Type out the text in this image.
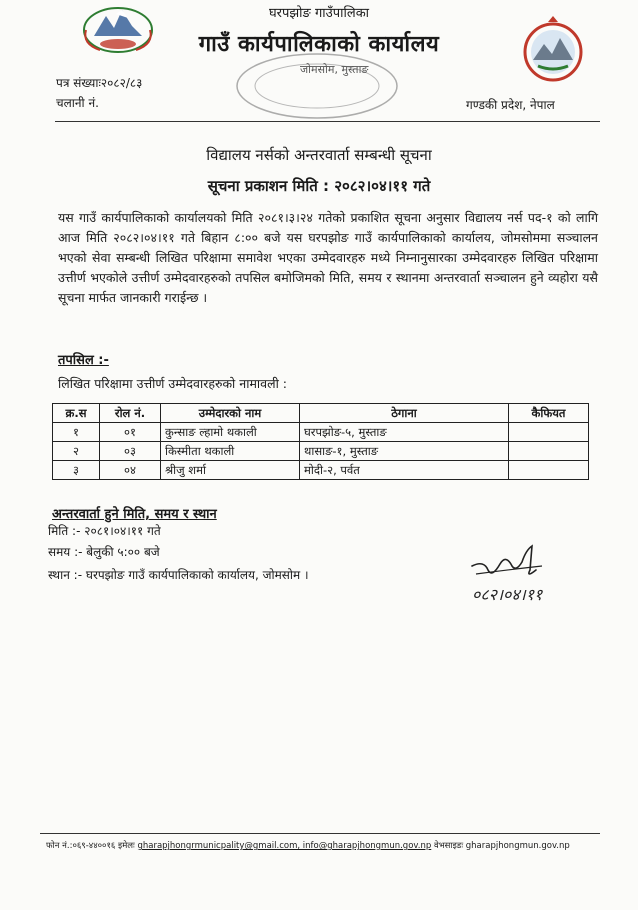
घरपझोङ गाउँपालिका
गाउँ कार्यपालिकाको कार्यालय
जोमसोम, मुस्ताङ
पत्र संख्याः२०८२/८३
चलानी नं.	गण्डकी प्रदेश, नेपाल
विद्यालय नर्सको अन्तरवार्ता सम्बन्धी सूचना
सूचना प्रकाशन मिति : २०८२।०४।११ गते
यस गाउँ कार्यपालिकाको कार्यालयको मिति २०८१।३।२४ गतेको प्रकाशित सूचना अनुसार विद्यालय नर्स पद-१ को लागि आज मिति २०८२।०४।११ गते बिहान ८:०० बजे यस घरपझोङ गाउँ कार्यपालिकाको कार्यालय, जोमसोममा सञ्चालन भएको सेवा सम्बन्धी लिखित परिक्षामा समावेश भएका उम्मेदवारहरु मध्ये निम्नानुसारका उम्मेदवारहरु लिखित परिक्षामा उत्तीर्ण भएकोले उत्तीर्ण उम्मेदवारहरुको तपसिल बमोजिमको मिति, समय र स्थानमा अन्तरवार्ता सञ्चालन हुने व्यहोरा यसै सूचना मार्फत जानकारी गराईन्छ ।
तपसिल :-
लिखित परिक्षामा उत्तीर्ण उम्मेदवारहरुको नामावली :
क्र.स	रोल नं.	उम्मेदारको नाम	ठेगाना	कैफियत
१	०१	कुन्साङ ल्हामो थकाली	घरपझोङ-५, मुस्ताङ	
२	०३	किस्मीता थकाली	थासाङ-१, मुस्ताङ	
३	०४	श्रीजु शर्मा	मोदी-२, पर्वत	
अन्तरवार्ता हुने मिति, समय र स्थान
मिति :- २०८१।०४।११ गते
समय :- बेलुकी ५:०० बजे
स्थान :- घरपझोङ गाउँ कार्यपालिकाको कार्यालय, जोमसोम ।
०८२।०४।११
फोन नं.:०६९-४४००१६ इमेलः gharapjhongrmunicpality@gmail.com, info@gharapjhongmun.gov.np वेभसाइडः gharapjhongmun.gov.np
